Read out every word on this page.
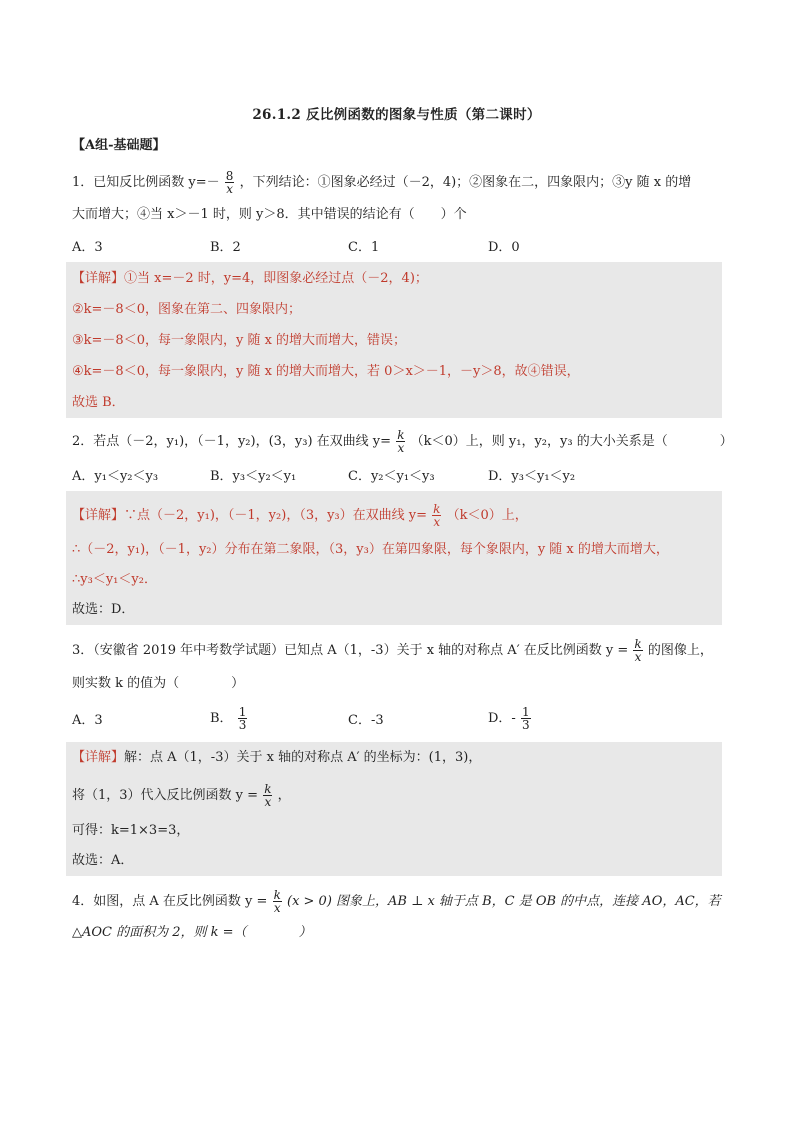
26.1.2 反比例函数的图象与性质（第二课时）
【A组-基础题】
1．已知反比例函数 $y=- \frac{8}{x}$ ，下列结论：①图象必经过（－2，4)；②图象在二，四象限内；③y 随 x 的增
大而增大；④当 x＞－1 时，则 y＞8．其中错误的结论有（　　）个
A．3	B．2	C．1	D．0
【详解】①当 x=－2 时，y=4，即图象必经过点（－2，4)；
②k=－8＜0，图象在第二、四象限内；
③k=－8＜0，每一象限内，y 随 x 的增大而增大，错误；
④k=－8＜0，每一象限内，y 随 x 的增大而增大，若 0＞x＞－1，－y＞8，故④错误，
故选 B．
2．若点（－2，y₁)，（－1，y₂)，(3，y₃) 在双曲线 $y= \frac{k}{x} (k<0)$上，则 y₁，y₂，y₃ 的大小关系是（　　　　）
A．y₁＜y₂＜y₃	B．y₃＜y₂＜y₁	C．y₂＜y₁＜y₃	D．y₃＜y₁＜y₂
【详解】∵点（－2，y₁)，（－1，y₂)，（3，y₃）在双曲线 $y= \frac{k}{x} (k<0)$上，
∴（－2，y₁)，（－1，y₂）分布在第二象限，（3，y₃）在第四象限，每个象限内，y 随 x 的增大而增大，
∴y₃＜y₁＜y₂．
故选：D．
3．（安徽省 2019 年中考数学试题）已知点 A（1，-3）关于 x 轴的对称点 A′ 在反比例函数 $y = \frac{k}{x}$ 的图像上，
则实数 k 的值为（　　　　）
A．3	B． $\frac{1}{3}$	C．-3	D．- $\frac{1}{3}$
【详解】解：点 A（1，-3）关于 x 轴的对称点 A′ 的坐标为：(1，3)，
将（1，3）代入反比例函数 $y = \frac{k}{x}$ ，
可得：k=1×3=3，
故选：A．
4．如图，点 A 在反比例函数 $y = \frac{k}{x} (x > 0)$ 图象上，AB ⊥ x 轴于点 B，C 是 OB 的中点，连接 AO，AC，若
△AOC 的面积为 2，则 k =（　　　　）
